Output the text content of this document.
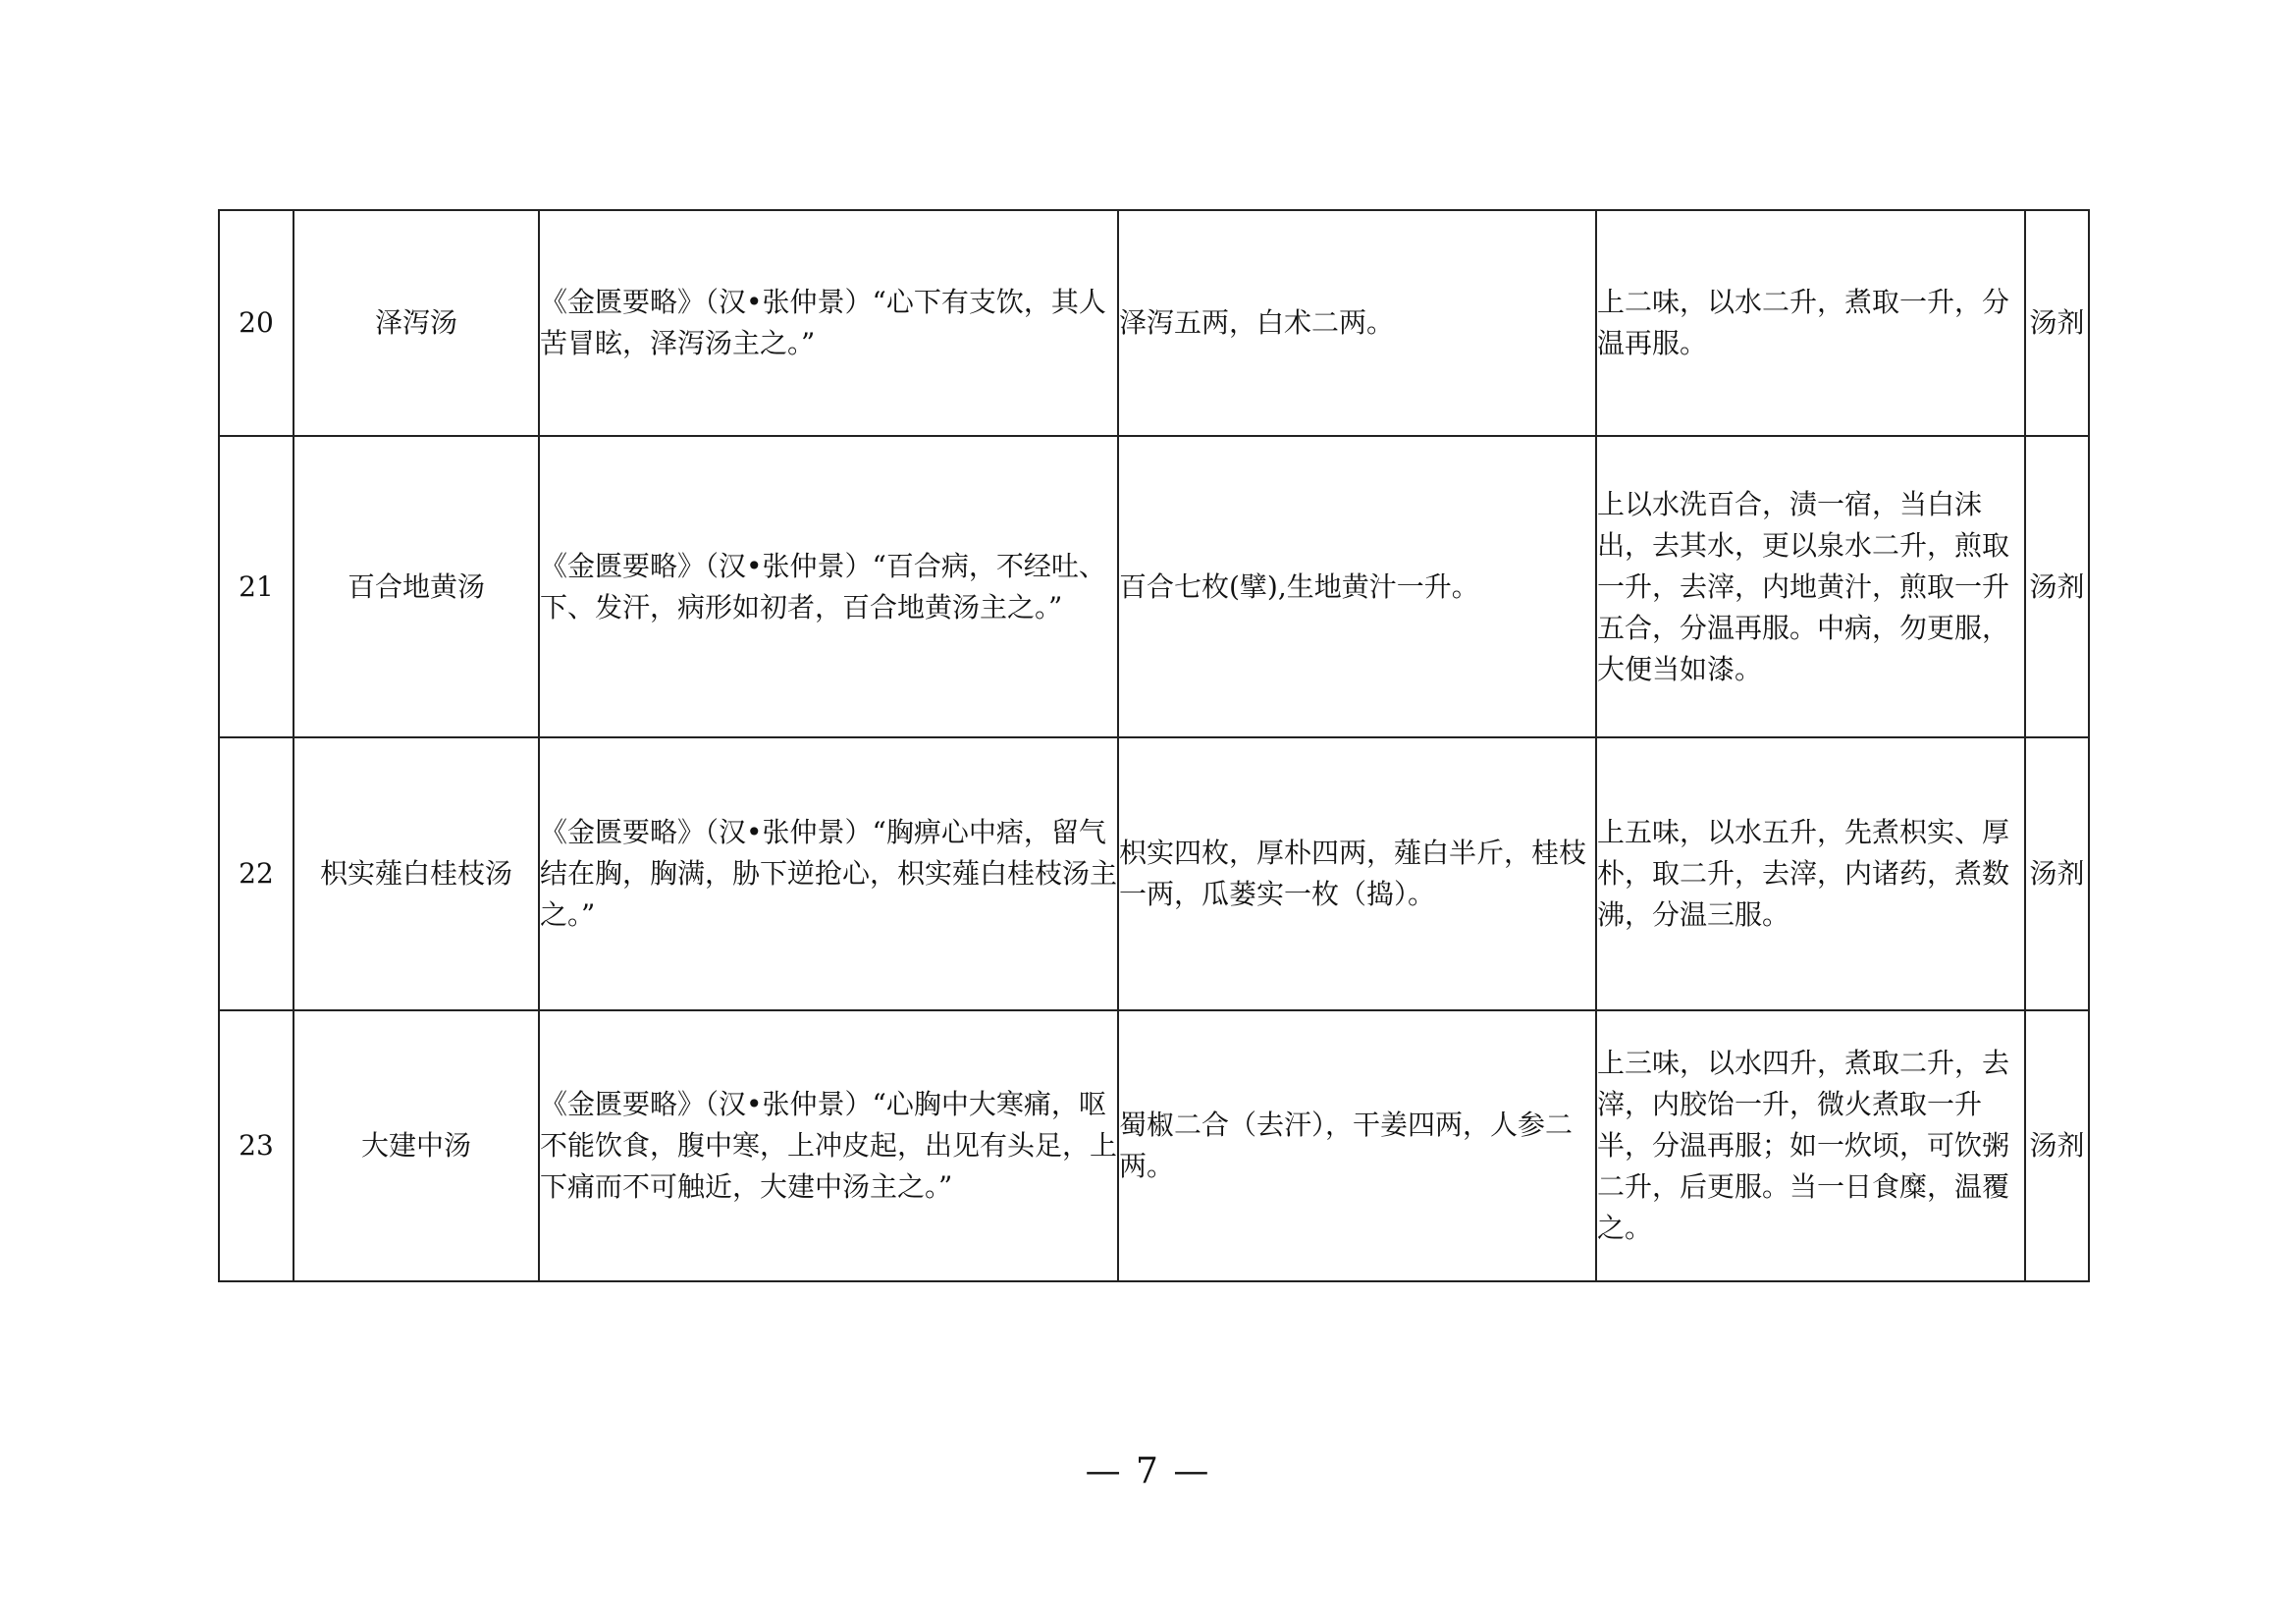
20	泽泻汤	《金匮要略》（汉•张仲景）“心下有支饮，其人苦冒眩，泽泻汤主之。”	泽泻五两，白术二两。	上二味，以水二升，煮取一升，分温再服。	汤剂
21	百合地黄汤	《金匮要略》（汉•张仲景）“百合病，不经吐、下、发汗，病形如初者，百合地黄汤主之。”	百合七枚(擘),生地黄汁一升。	上以水洗百合，渍一宿，当白沫出，去其水，更以泉水二升，煎取一升，去滓，内地黄汁，煎取一升五合，分温再服。中病，勿更服，大便当如漆。	汤剂
22	枳实薤白桂枝汤	《金匮要略》（汉•张仲景）“胸痹心中痞，留气结在胸，胸满，胁下逆抢心，枳实薤白桂枝汤主之。”	枳实四枚，厚朴四两，薤白半斤，桂枝一两，瓜蒌实一枚（捣）。	上五味，以水五升，先煮枳实、厚朴，取二升，去滓，内诸药，煮数沸，分温三服。	汤剂
23	大建中汤	《金匮要略》（汉•张仲景）“心胸中大寒痛，呕不能饮食，腹中寒，上冲皮起，出见有头足，上下痛而不可触近，大建中汤主之。”	蜀椒二合（去汗），干姜四两，人参二两。	上三味，以水四升，煮取二升，去滓，内胶饴一升，微火煮取一升半，分温再服；如一炊顷，可饮粥二升，后更服。当一日食糜，温覆之。	汤剂
— 7 —
